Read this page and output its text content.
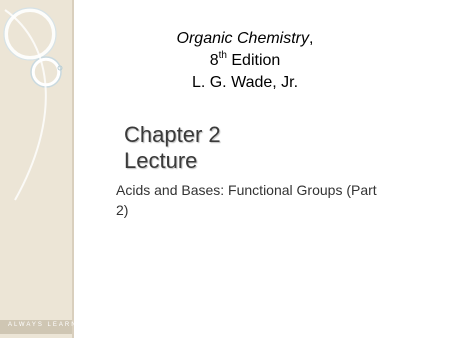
ALWAYS LEARNING
Organic Chemistry,
8th Edition
L. G. Wade, Jr.
Chapter 2
Lecture
Acids and Bases: Functional Groups (Part 2)
